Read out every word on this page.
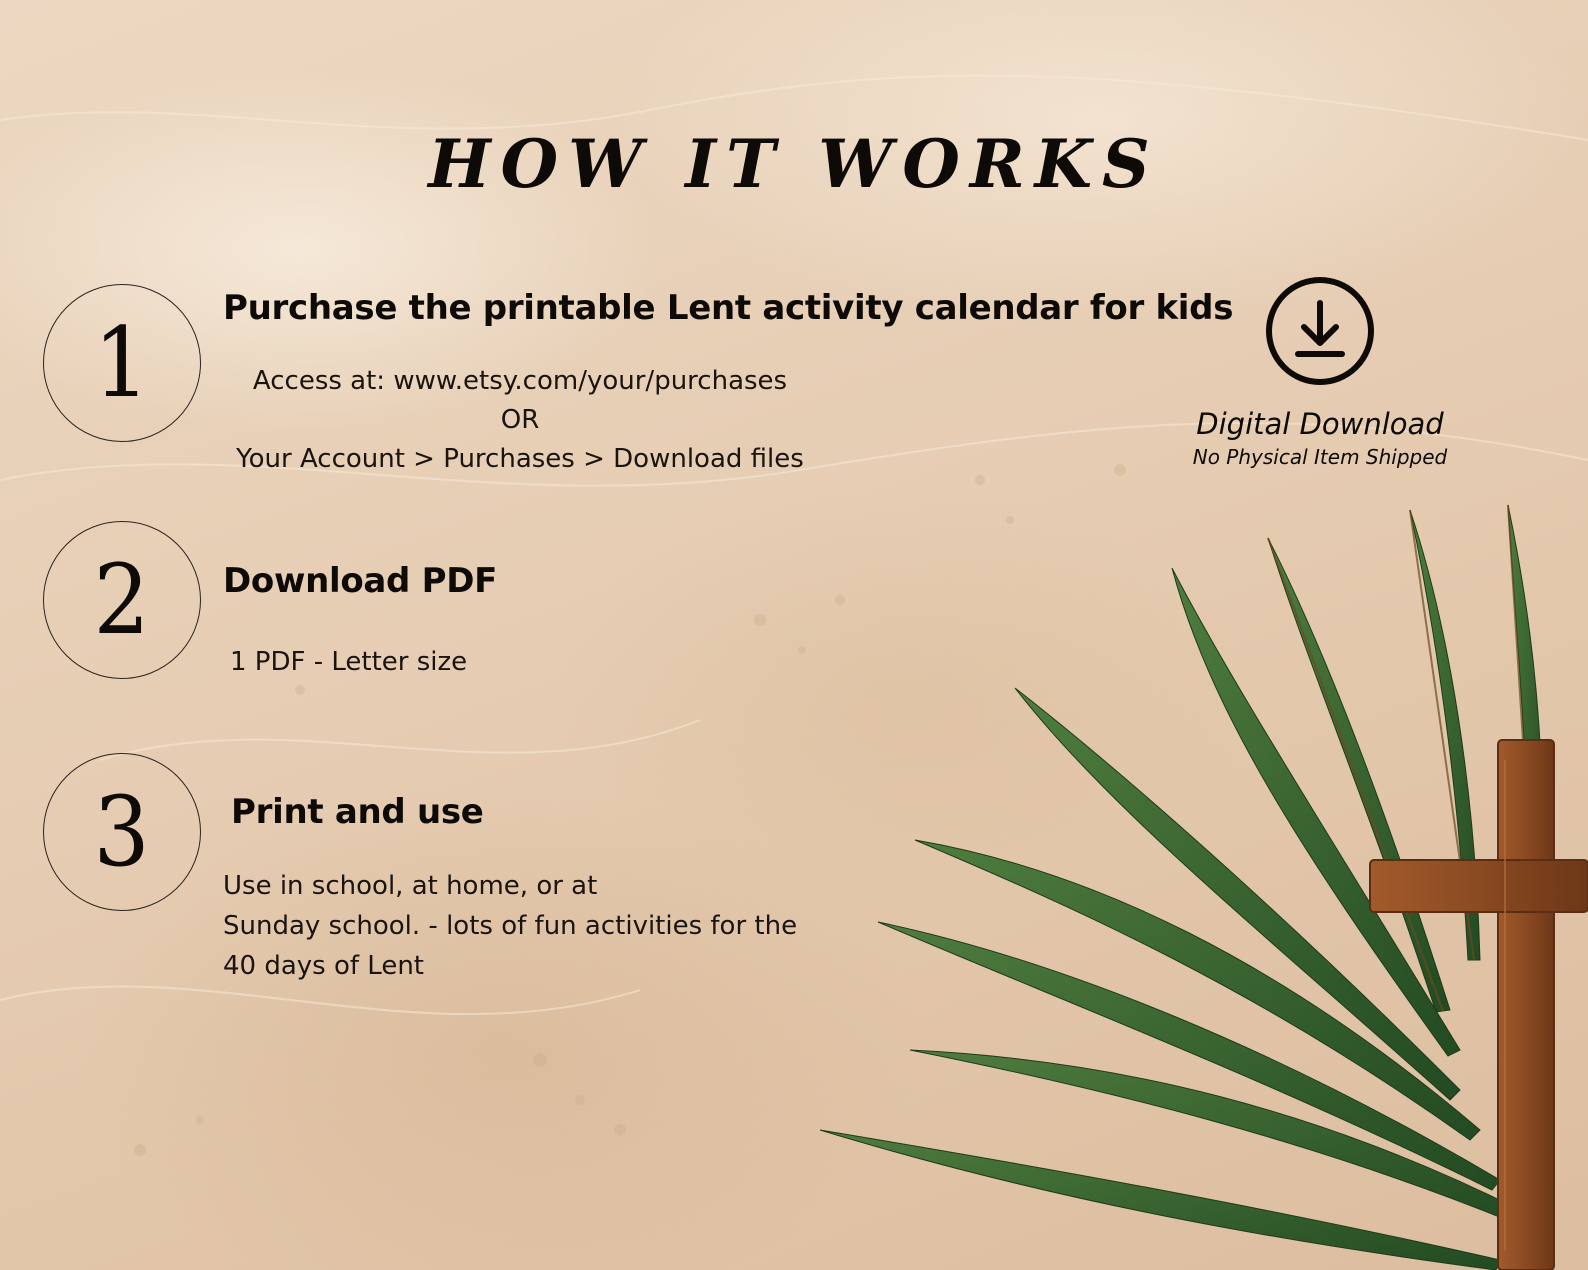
HOW IT WORKS
1 Purchase the printable Lent activity calendar for kids
Access at: www.etsy.com/your/purchases
OR
Your Account > Purchases > Download files
2 Download PDF
1 PDF - Letter size
3 Print and use
Use in school, at home, or at
Sunday school. - lots of fun activities for the
40 days of Lent
Digital Download
No Physical Item Shipped
